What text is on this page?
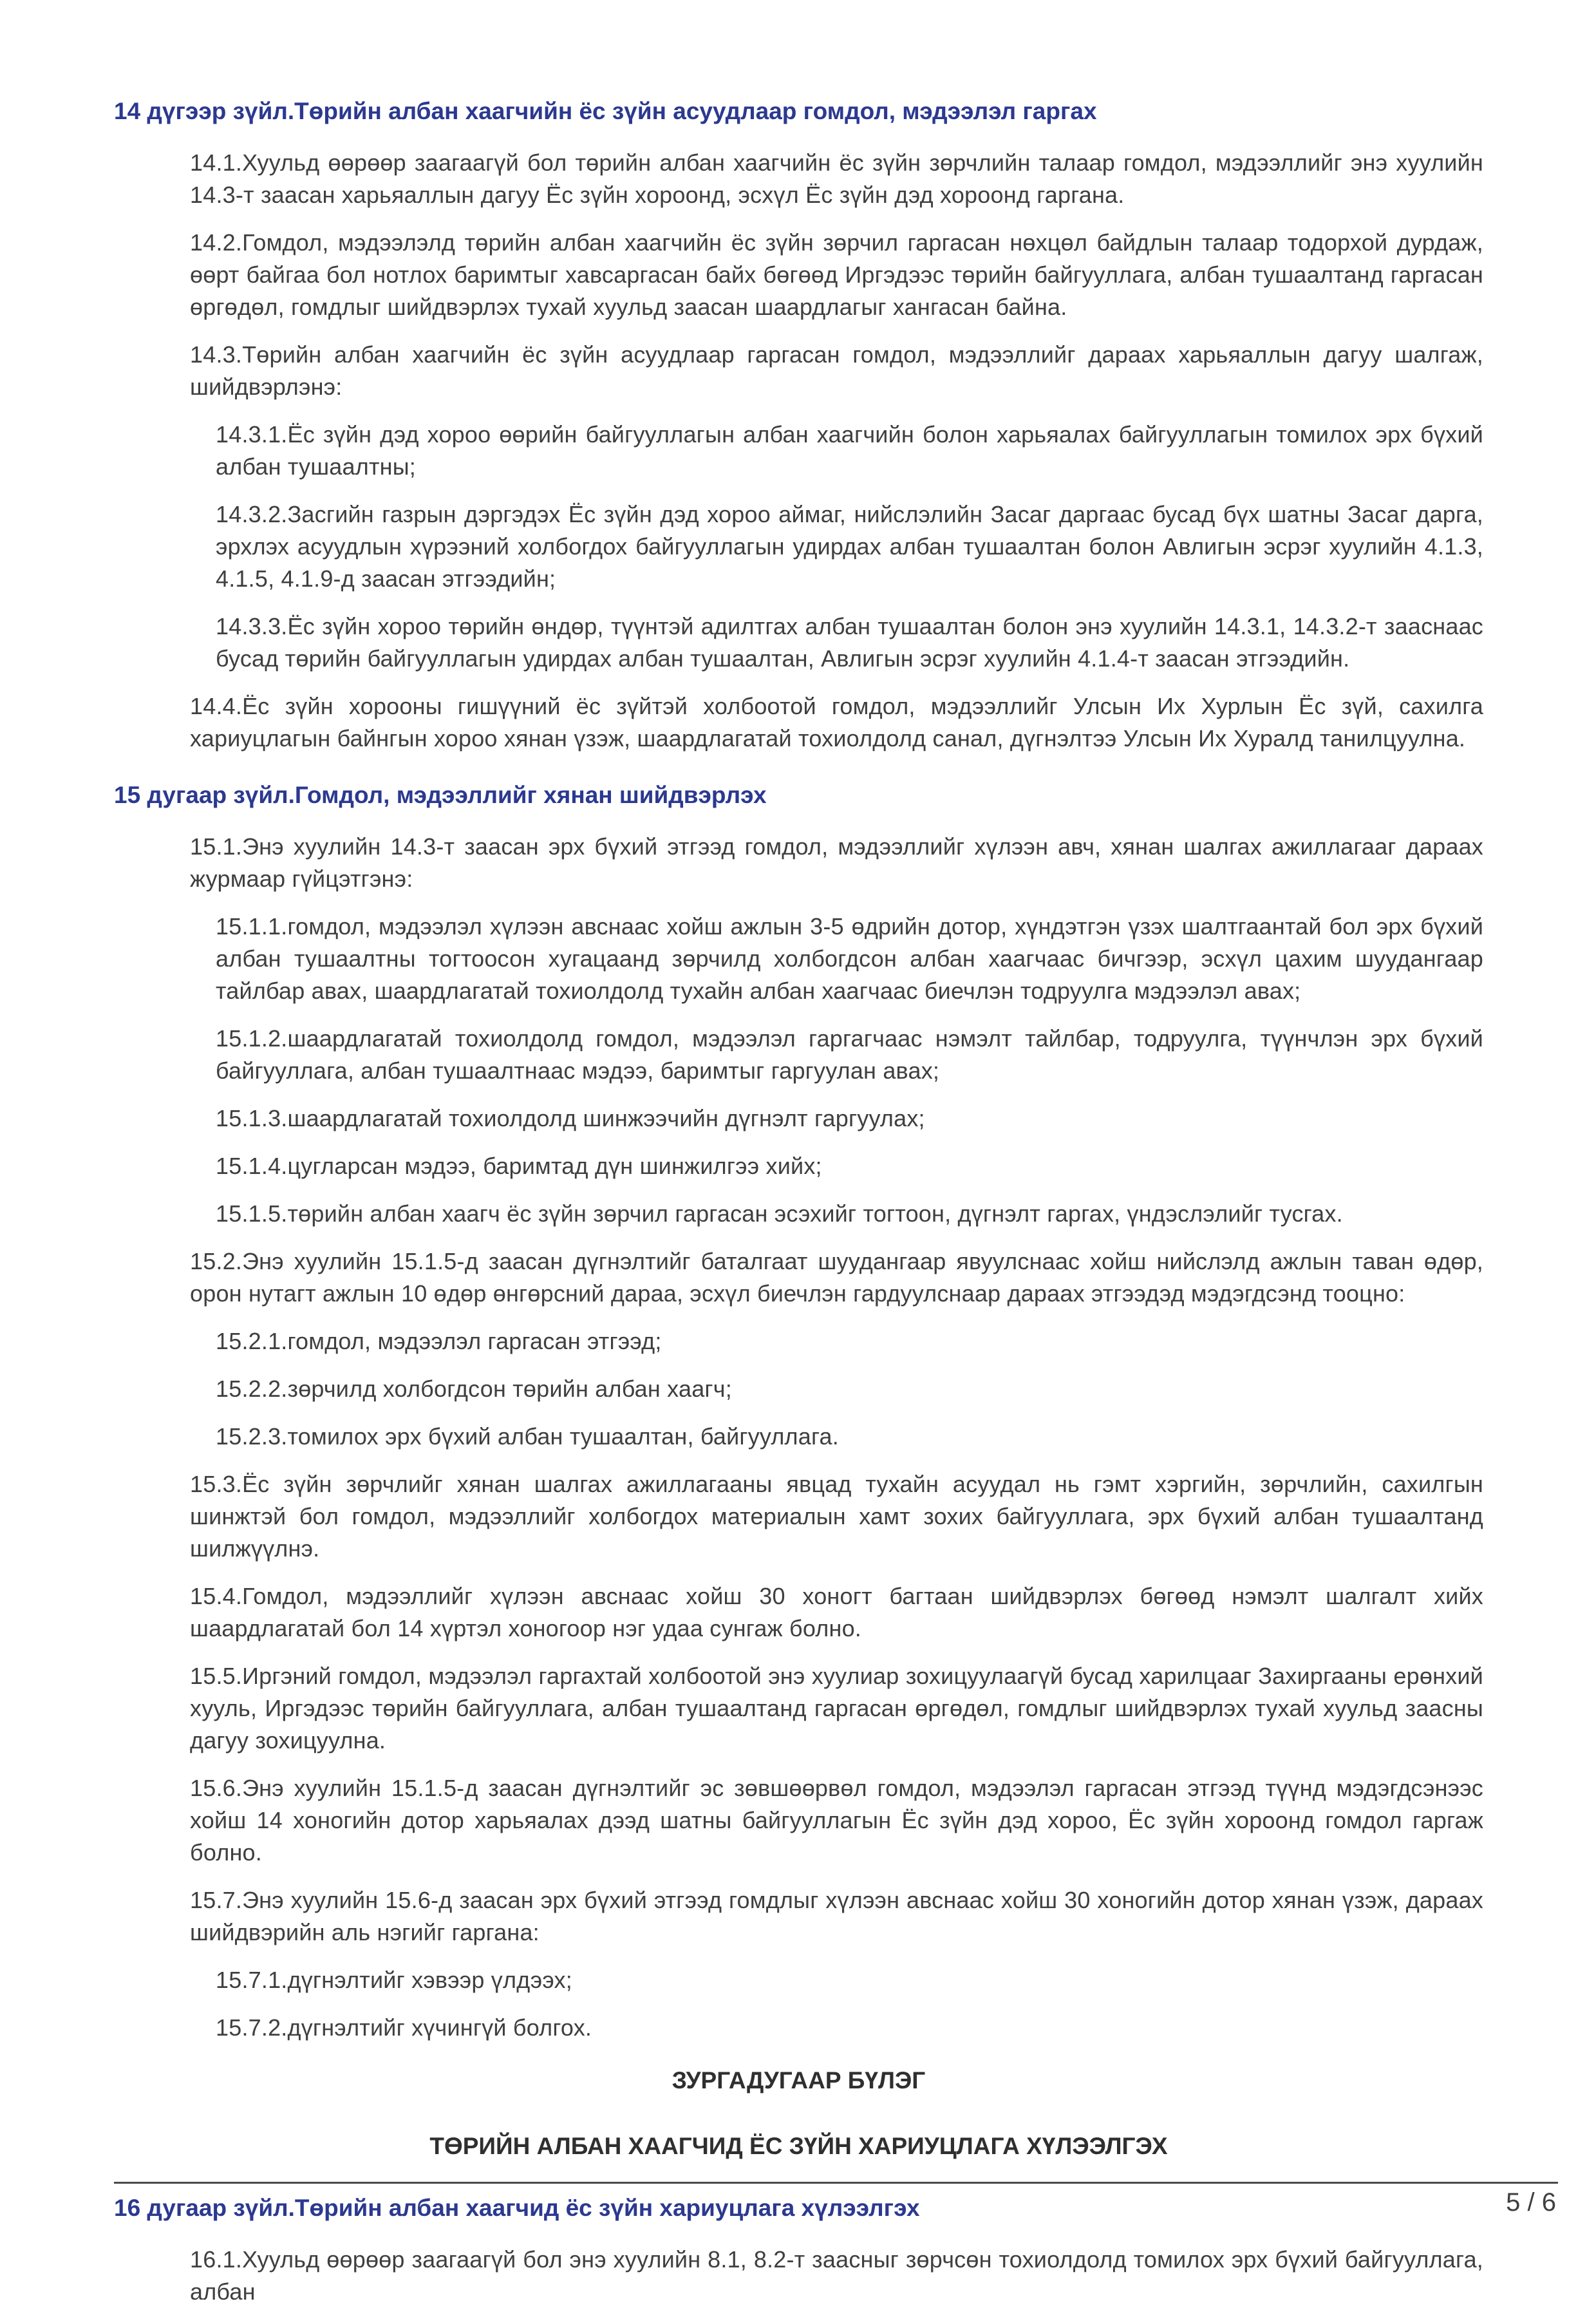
14 дүгээр зүйл.Төрийн албан хаагчийн ёс зүйн асуудлаар гомдол, мэдээлэл гаргах

14.1.Хуульд өөрөөр заагаагүй бол төрийн албан хаагчийн ёс зүйн зөрчлийн талаар гомдол, мэдээллийг энэ хуулийн 14.3-т заасан харьяаллын дагуу Ёс зүйн хороонд, эсхүл Ёс зүйн дэд хороонд гаргана.

14.2.Гомдол, мэдээлэлд төрийн албан хаагчийн ёс зүйн зөрчил гаргасан нөхцөл байдлын талаар тодорхой дурдаж, өөрт байгаа бол нотлох баримтыг хавсаргасан байх бөгөөд Иргэдээс төрийн байгууллага, албан тушаалтанд гаргасан өргөдөл, гомдлыг шийдвэрлэх тухай хуульд заасан шаардлагыг хангасан байна.

14.3.Төрийн албан хаагчийн ёс зүйн асуудлаар гаргасан гомдол, мэдээллийг дараах харьяаллын дагуу шалгаж, шийдвэрлэнэ:

14.3.1.Ёс зүйн дэд хороо өөрийн байгууллагын албан хаагчийн болон харьяалах байгууллагын томилох эрх бүхий албан тушаалтны;

14.3.2.Засгийн газрын дэргэдэх Ёс зүйн дэд хороо аймаг, нийслэлийн Засаг даргаас бусад бүх шатны Засаг дарга, эрхлэх асуудлын хүрээний холбогдох байгууллагын удирдах албан тушаалтан болон Авлигын эсрэг хуулийн 4.1.3, 4.1.5, 4.1.9-д заасан этгээдийн;

14.3.3.Ёс зүйн хороо төрийн өндөр, түүнтэй адилтгах албан тушаалтан болон энэ хуулийн 14.3.1, 14.3.2-т зааснаас бусад төрийн байгууллагын удирдах албан тушаалтан, Авлигын эсрэг хуулийн 4.1.4-т заасан этгээдийн.

14.4.Ёс зүйн хорооны гишүүний ёс зүйтэй холбоотой гомдол, мэдээллийг Улсын Их Хурлын Ёс зүй, сахилга хариуцлагын байнгын хороо хянан үзэж, шаардлагатай тохиолдолд санал, дүгнэлтээ Улсын Их Хуралд танилцуулна.

15 дугаар зүйл.Гомдол, мэдээллийг хянан шийдвэрлэх

15.1.Энэ хуулийн 14.3-т заасан эрх бүхий этгээд гомдол, мэдээллийг хүлээн авч, хянан шалгах ажиллагааг дараах журмаар гүйцэтгэнэ:

15.1.1.гомдол, мэдээлэл хүлээн авснаас хойш ажлын 3-5 өдрийн дотор, хүндэтгэн үзэх шалтгаантай бол эрх бүхий албан тушаалтны тогтоосон хугацаанд зөрчилд холбогдсон албан хаагчаас бичгээр, эсхүл цахим шуудангаар тайлбар авах, шаардлагатай тохиолдолд тухайн албан хаагчаас биечлэн тодруулга мэдээлэл авах;

15.1.2.шаардлагатай тохиолдолд гомдол, мэдээлэл гаргагчаас нэмэлт тайлбар, тодруулга, түүнчлэн эрх бүхий байгууллага, албан тушаалтнаас мэдээ, баримтыг гаргуулан авах;

15.1.3.шаардлагатай тохиолдолд шинжээчийн дүгнэлт гаргуулах;

15.1.4.цугларсан мэдээ, баримтад дүн шинжилгээ хийх;

15.1.5.төрийн албан хаагч ёс зүйн зөрчил гаргасан эсэхийг тогтоон, дүгнэлт гаргах, үндэслэлийг тусгах.

15.2.Энэ хуулийн 15.1.5-д заасан дүгнэлтийг баталгаат шуудангаар явуулснаас хойш нийслэлд ажлын таван өдөр, орон нутагт ажлын 10 өдөр өнгөрсний дараа, эсхүл биечлэн гардуулснаар дараах этгээдэд мэдэгдсэнд тооцно:

15.2.1.гомдол, мэдээлэл гаргасан этгээд;

15.2.2.зөрчилд холбогдсон төрийн албан хаагч;

15.2.3.томилох эрх бүхий албан тушаалтан, байгууллага.

15.3.Ёс зүйн зөрчлийг хянан шалгах ажиллагааны явцад тухайн асуудал нь гэмт хэргийн, зөрчлийн, сахилгын шинжтэй бол гомдол, мэдээллийг холбогдох материалын хамт зохих байгууллага, эрх бүхий албан тушаалтанд шилжүүлнэ.

15.4.Гомдол, мэдээллийг хүлээн авснаас хойш 30 хоногт багтаан шийдвэрлэх бөгөөд нэмэлт шалгалт хийх шаардлагатай бол 14 хүртэл хоногоор нэг удаа сунгаж болно.

15.5.Иргэний гомдол, мэдээлэл гаргахтай холбоотой энэ хуулиар зохицуулаагүй бусад харилцааг Захиргааны ерөнхий хууль, Иргэдээс төрийн байгууллага, албан тушаалтанд гаргасан өргөдөл, гомдлыг шийдвэрлэх тухай хуульд заасны дагуу зохицуулна.

15.6.Энэ хуулийн 15.1.5-д заасан дүгнэлтийг эс зөвшөөрвөл гомдол, мэдээлэл гаргасан этгээд түүнд мэдэгдсэнээс хойш 14 хоногийн дотор харьяалах дээд шатны байгууллагын Ёс зүйн дэд хороо, Ёс зүйн хороонд гомдол гаргаж болно.

15.7.Энэ хуулийн 15.6-д заасан эрх бүхий этгээд гомдлыг хүлээн авснаас хойш 30 хоногийн дотор хянан үзэж, дараах шийдвэрийн аль нэгийг гаргана:

15.7.1.дүгнэлтийг хэвээр үлдээх;

15.7.2.дүгнэлтийг хүчингүй болгох.

ЗУРГАДУГААР БҮЛЭГ

ТӨРИЙН АЛБАН ХААГЧИД ЁС ЗҮЙН ХАРИУЦЛАГА ХҮЛЭЭЛГЭХ

16 дугаар зүйл.Төрийн албан хаагчид ёс зүйн хариуцлага хүлээлгэх

16.1.Хуульд өөрөөр заагаагүй бол энэ хуулийн 8.1, 8.2-т заасныг зөрчсөн тохиолдолд томилох эрх бүхий байгууллага, албан

5 / 6
